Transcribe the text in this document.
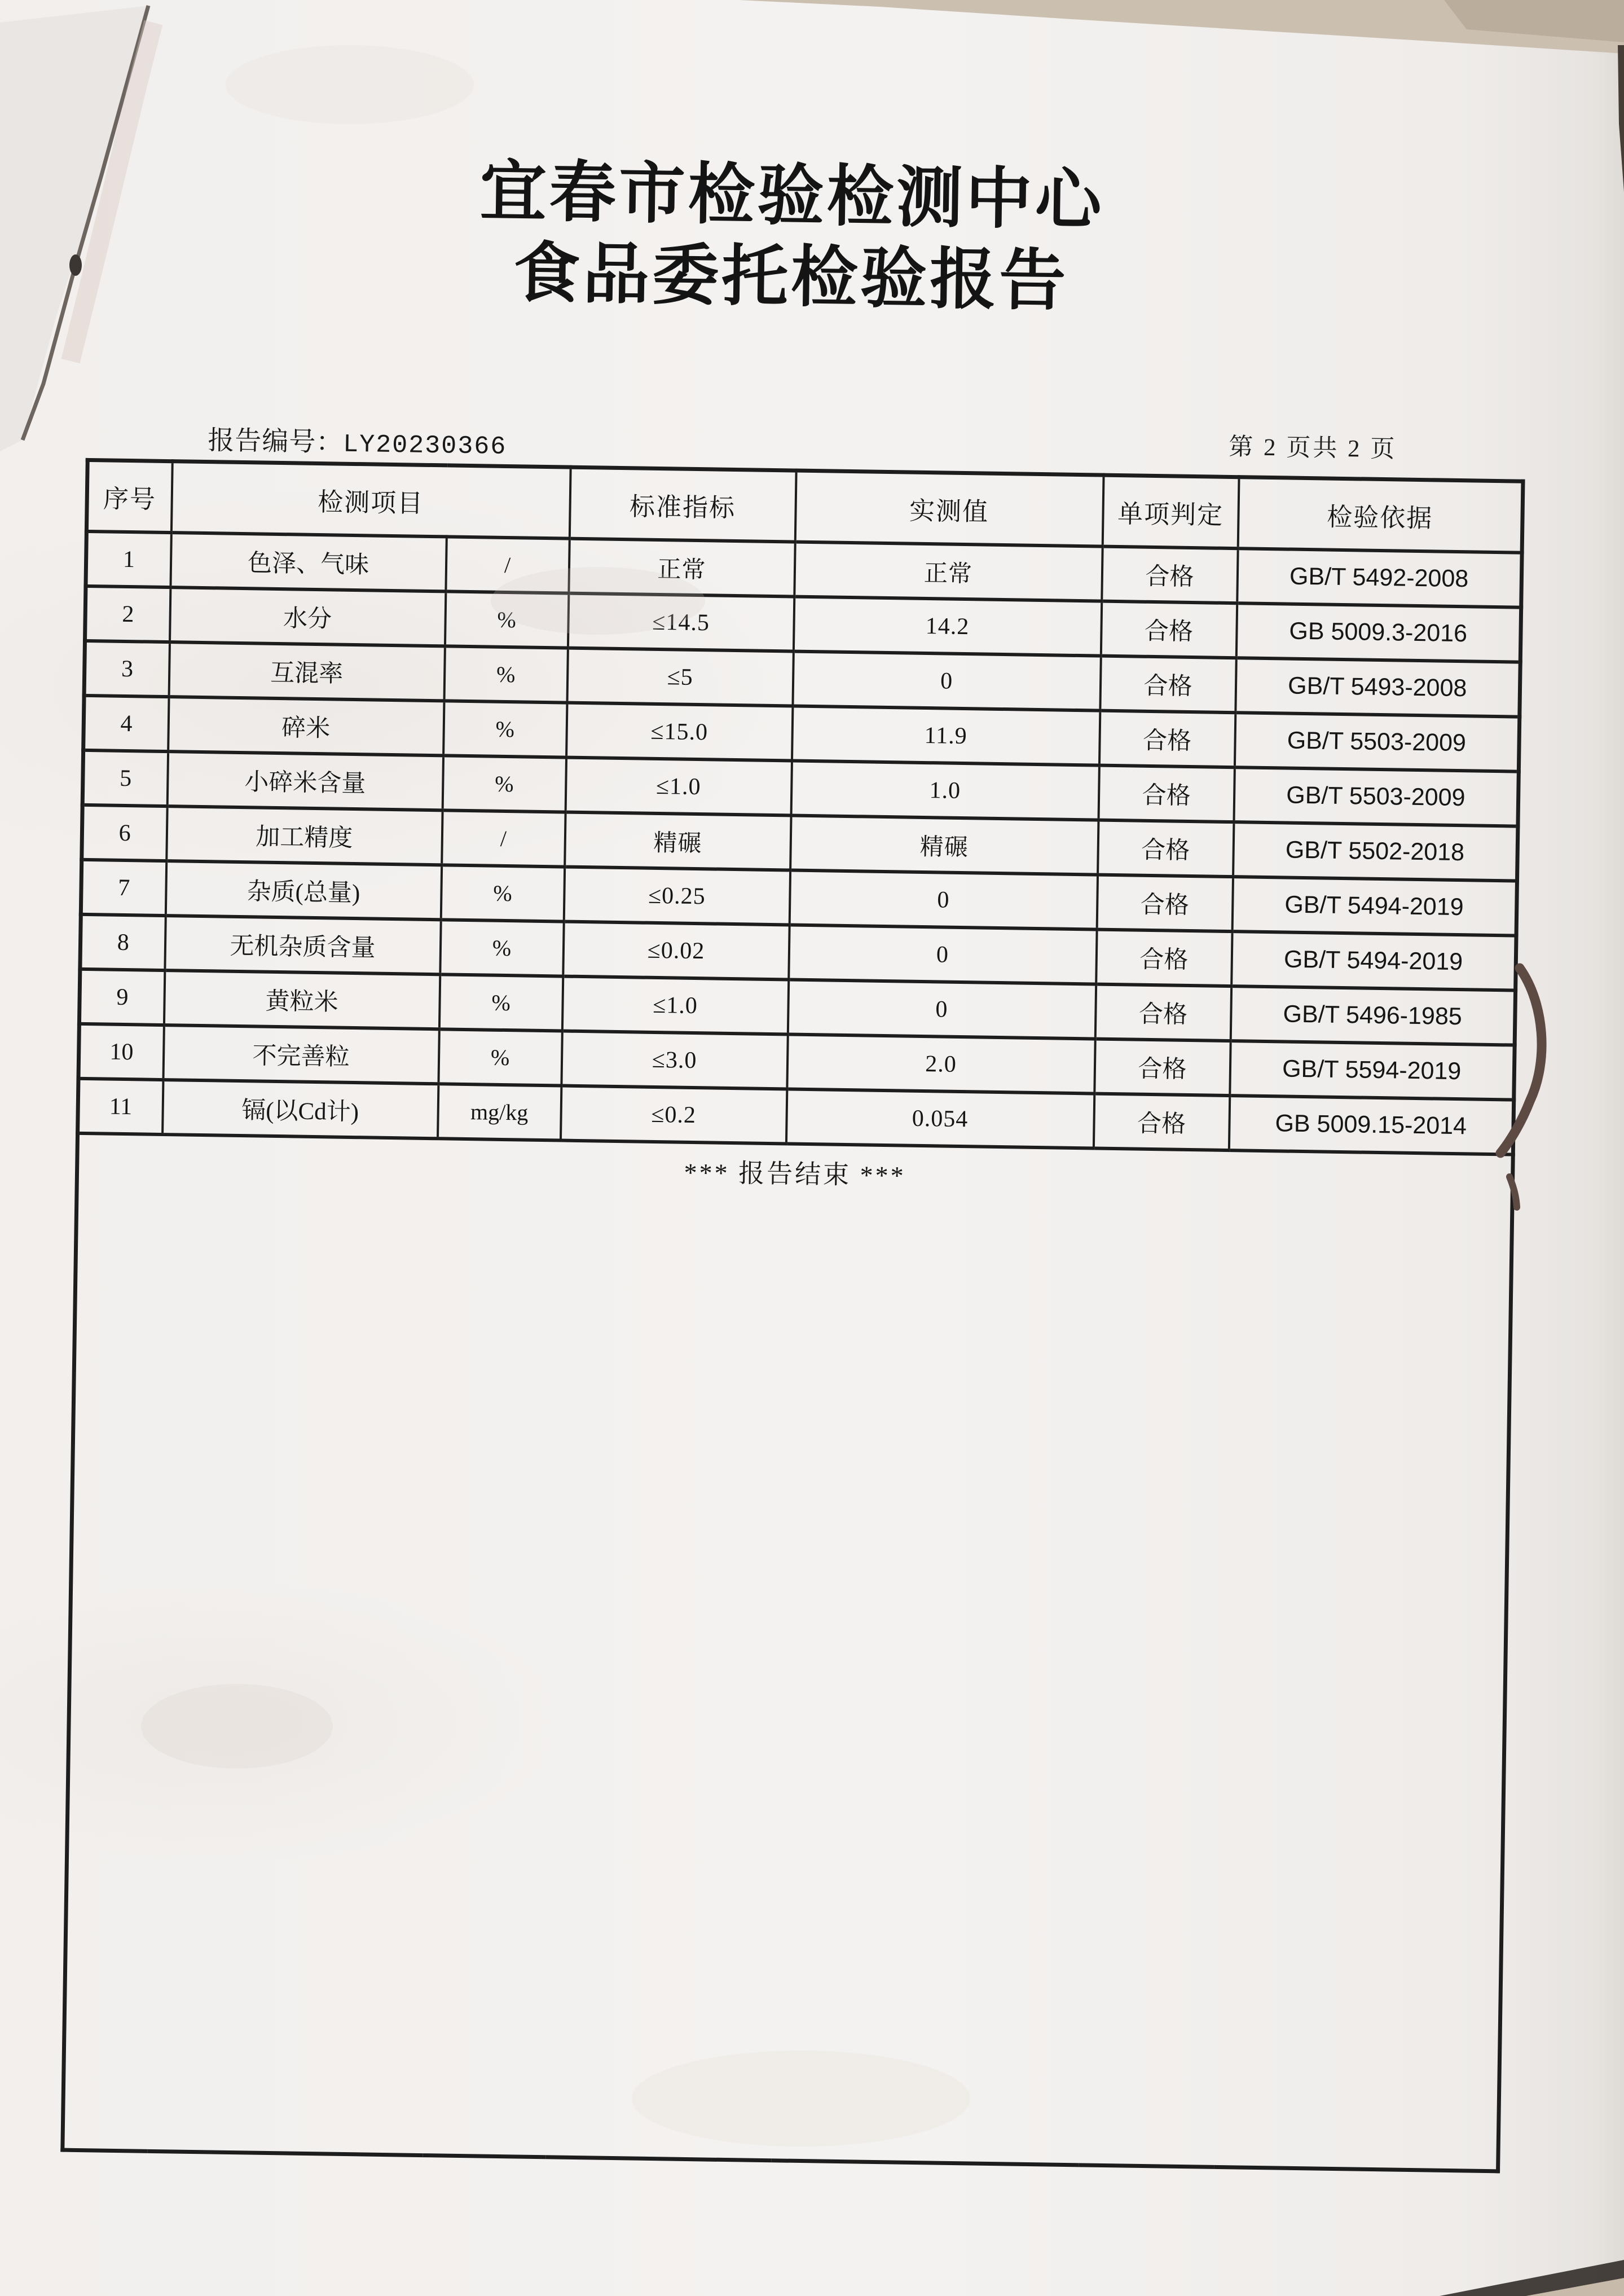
宜春市检验检测中心
食品委托检验报告
报告编号：LY20230366	第 2 页共 2 页
序号	检测项目		标准指标	实测值	单项判定	检验依据
1	色泽、气味	/	正常	正常	合格	GB/T 5492-2008
2	水分	%	≤14.5	14.2	合格	GB 5009.3-2016
3	互混率	%	≤5	0	合格	GB/T 5493-2008
4	碎米	%	≤15.0	11.9	合格	GB/T 5503-2009
5	小碎米含量	%	≤1.0	1.0	合格	GB/T 5503-2009
6	加工精度	/	精碾	精碾	合格	GB/T 5502-2018
7	杂质(总量)	%	≤0.25	0	合格	GB/T 5494-2019
8	无机杂质含量	%	≤0.02	0	合格	GB/T 5494-2019
9	黄粒米	%	≤1.0	0	合格	GB/T 5496-1985
10	不完善粒	%	≤3.0	2.0	合格	GB/T 5594-2019
11	镉(以Cd计)	mg/kg	≤0.2	0.054	合格	GB 5009.15-2014
*** 报告结束 ***						
